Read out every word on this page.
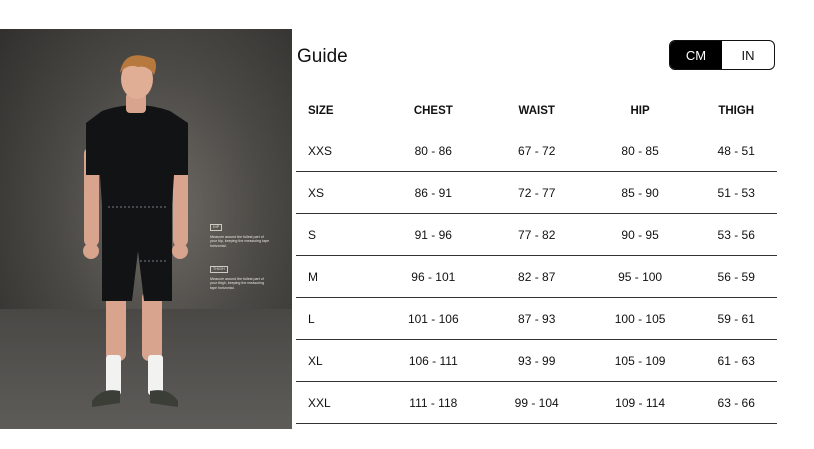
HIP
Measure around the fullest part of your hip, keeping the measuring tape horizontal.
THIGH
Measure around the fullest part of your thigh, keeping the measuring tape horizontal.
Guide	CM	IN
SIZE	CHEST	WAIST	HIP	THIGH
XXS	80 - 86	67 - 72	80 - 85	48 - 51
XS	86 - 91	72 - 77	85 - 90	51 - 53
S	91 - 96	77 - 82	90 - 95	53 - 56
M	96 - 101	82 - 87	95 - 100	56 - 59
L	101 - 106	87 - 93	100 - 105	59 - 61
XL	106 - 111	93 - 99	105 - 109	61 - 63
XXL	111 - 118	99 - 104	109 - 114	63 - 66
